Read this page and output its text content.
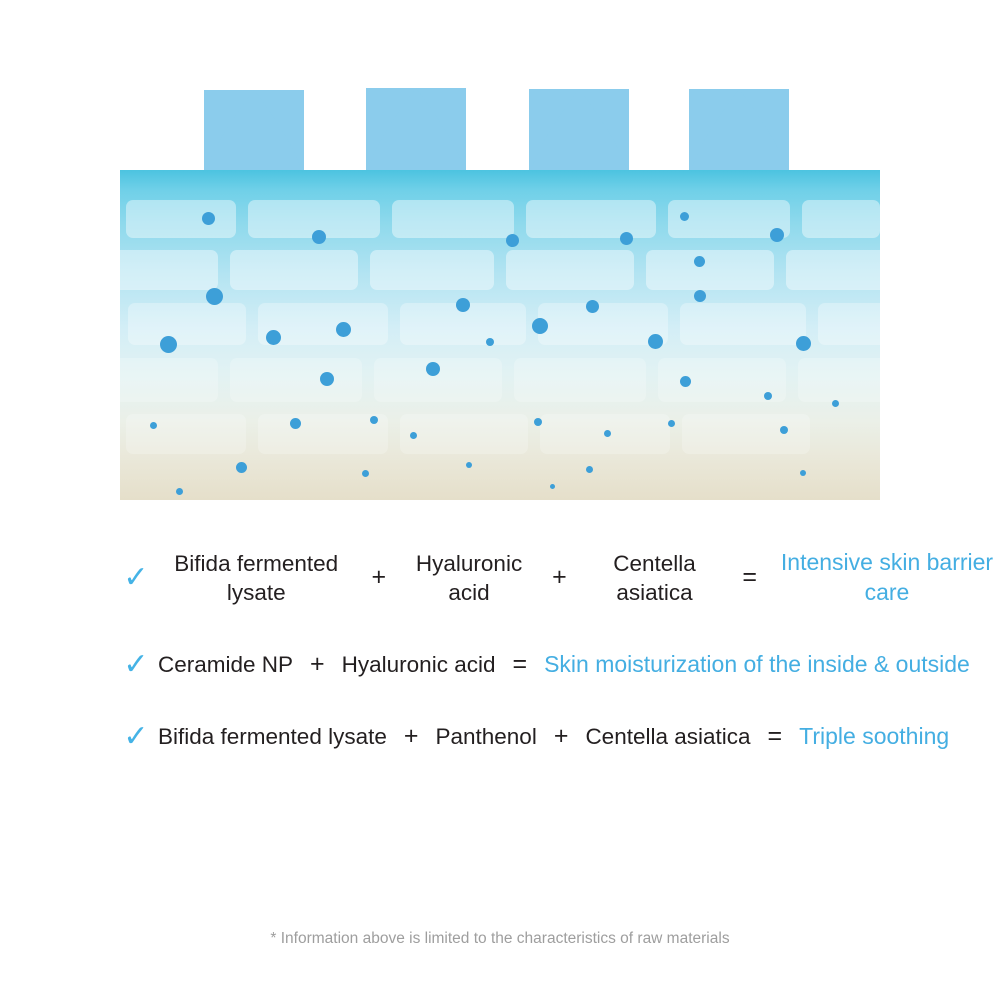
✓	Bifida fermented lysate
+
Hyaluronic acid
+
Centella asiatica
=
Intensive skin barrier care
✓ Ceramide NP + Hyaluronic acid = Skin moisturization of the inside & outside
✓ Bifida fermented lysate + Panthenol + Centella asiatica = Triple soothing
* Information above is limited to the characteristics of raw materials
